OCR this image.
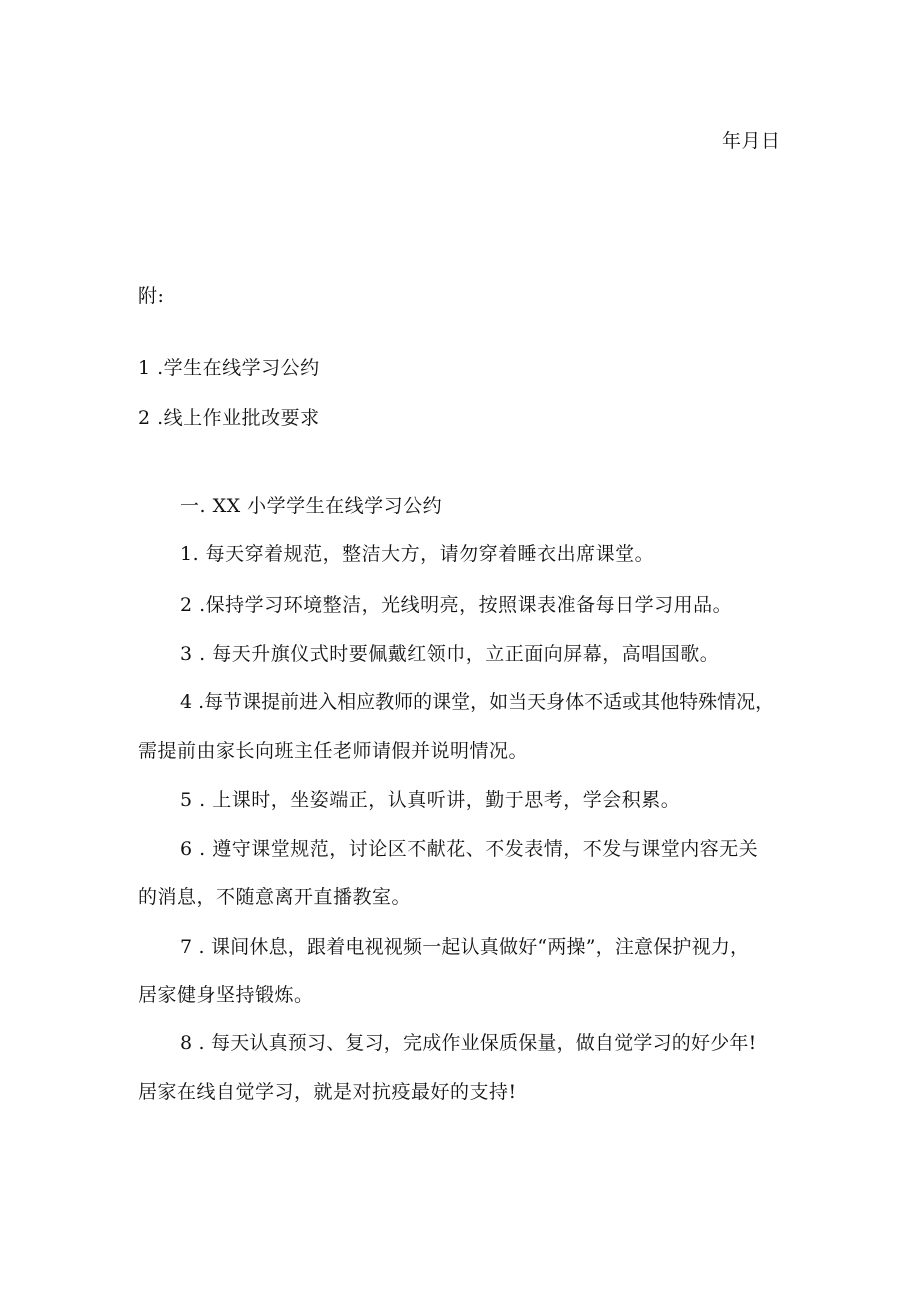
年月日
附:
1 .学生在线学习公约
2 .线上作业批改要求
一. XX 小学学生在线学习公约
1. 每天穿着规范，整洁大方，请勿穿着睡衣出席课堂。
2 .保持学习环境整洁，光线明亮，按照课表准备每日学习用品。
3 . 每天升旗仪式时要佩戴红领巾，立正面向屏幕，高唱国歌。
4 .每节课提前进入相应教师的课堂，如当天身体不适或其他特殊情况，
需提前由家长向班主任老师请假并说明情况。
5 . 上课时，坐姿端正，认真听讲，勤于思考，学会积累。
6 . 遵守课堂规范，讨论区不献花、不发表情，不发与课堂内容无关
的消息，不随意离开直播教室。
7 . 课间休息，跟着电视视频一起认真做好“两操”，注意保护视力，
居家健身坚持锻炼。
8 . 每天认真预习、复习，完成作业保质保量，做自觉学习的好少年!
居家在线自觉学习，就是对抗疫最好的支持!
